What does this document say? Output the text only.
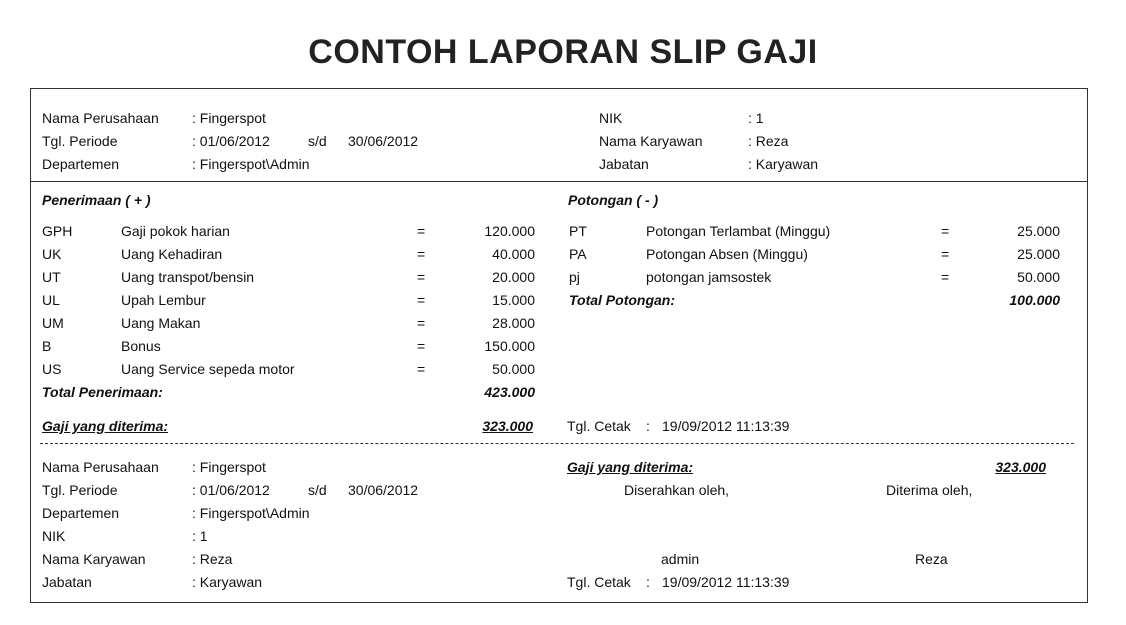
CONTOH LAPORAN SLIP GAJI
Nama Perusahaan : Fingerspot
Tgl. Periode	: 01/06/2012	s/d 30/06/2012
Departemen	: Fingerspot\Admin
NIK	: 1
Nama Karyawan	: Reza
Jabatan	: Karyawan
Penerimaan ( + )
GPH	Gaji pokok harian	=	120.000
UK	Uang Kehadiran	=	40.000
UT	Uang transpot/bensin	=	20.000
UL	Upah Lembur	=	15.000
UM	Uang Makan	=	28.000
B	Bonus	=	150.000
US	Uang Service sepeda motor	=	50.000
Total Penerimaan:	423.000
Potongan ( - )
PT	Potongan Terlambat (Minggu)	=	25.000
PA	Potongan Absen (Minggu)	=	25.000
pj	potongan jamsostek	=	50.000
Total Potongan:	100.000
Gaji yang diterima:	323.000 Tgl. Cetak : 19/09/2012 11:13:39
Nama Perusahaan : Fingerspot
Tgl. Periode	: 01/06/2012	s/d 30/06/2012
Departemen	: Fingerspot\Admin
NIK	: 1
Nama Karyawan	: Reza
Jabatan	: Karyawan
Gaji yang diterima:	323.000
Diserahkan oleh,	Diterima oleh,
admin	Reza
Tgl. Cetak : 19/09/2012 11:13:39
